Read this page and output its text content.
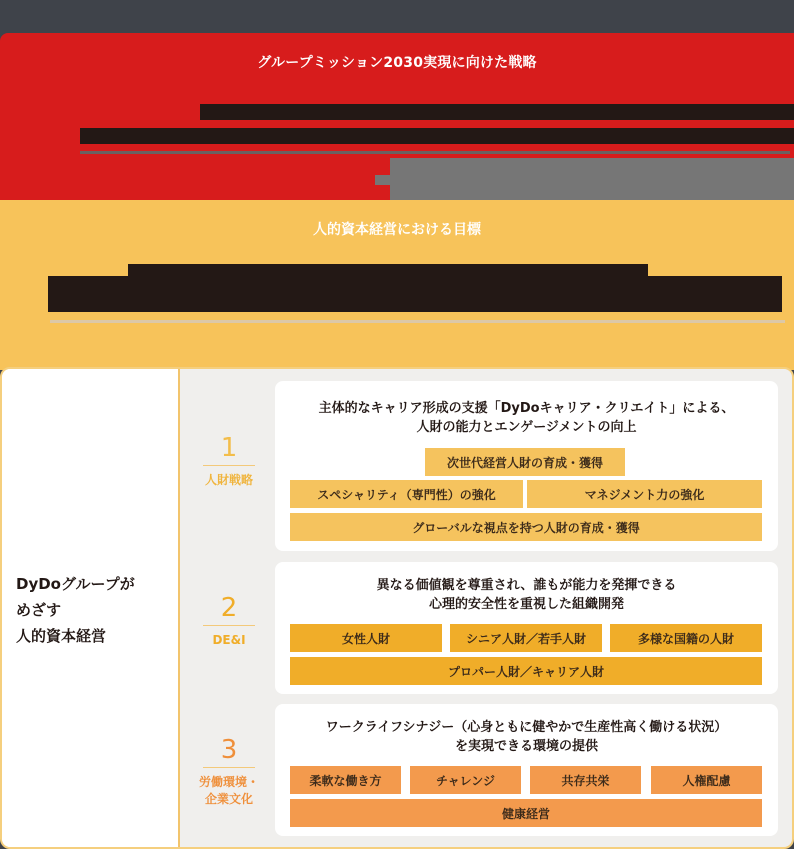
グループミッション2030実現に向けた戦略
人的資本経営における目標
DyDoグループが
めざす
人的資本経営
1
人財戦略
主体的なキャリア形成の支援「DyDoキャリア・クリエイト」による、
人財の能力とエンゲージメントの向上
次世代経営人財の育成・獲得
スペシャリティ（専門性）の強化	マネジメント力の強化
グローバルな視点を持つ人財の育成・獲得
2
DE&I
異なる価値観を尊重され、誰もが能力を発揮できる
心理的安全性を重視した組織開発
女性人財	シニア人財／若手人財	多様な国籍の人財
プロパー人財／キャリア人財
3
労働環境・
企業文化
ワークライフシナジー（心身ともに健やかで生産性高く働ける状況）
を実現できる環境の提供
柔軟な働き方	チャレンジ	共存共栄	人権配慮
健康経営
